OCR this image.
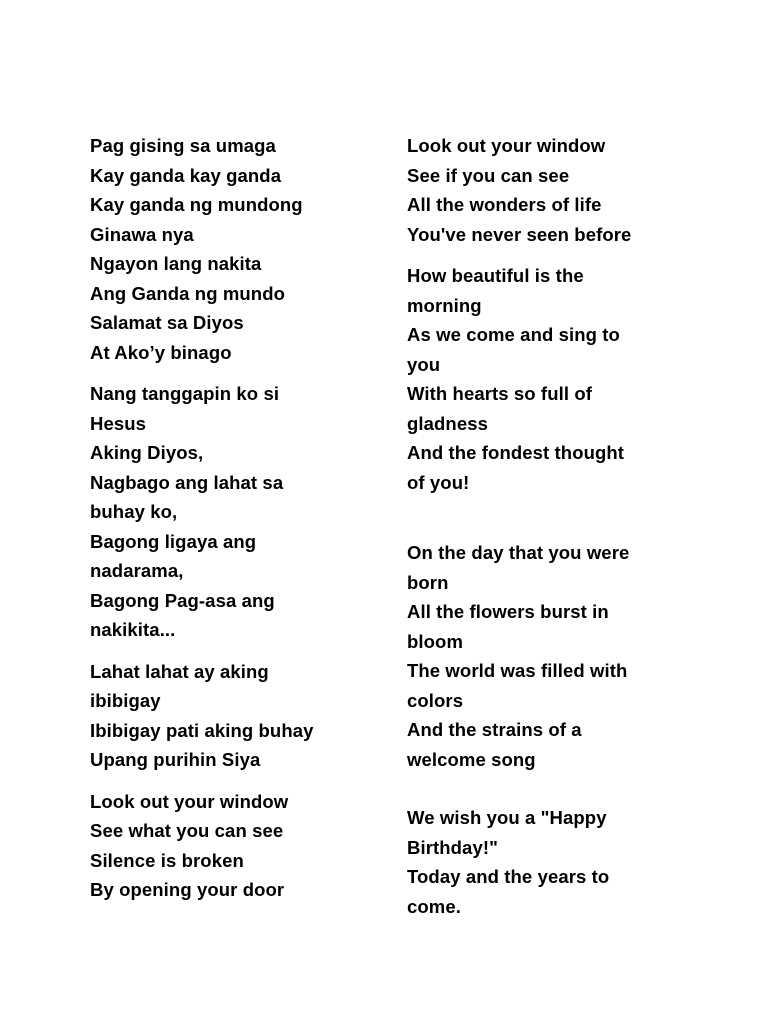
Pag gising sa umaga
Kay ganda kay ganda
Kay ganda ng mundong
Ginawa nya
Ngayon lang nakita
Ang Ganda ng mundo
Salamat sa Diyos
At Ako’y binago
Nang tanggapin ko si
Hesus
Aking Diyos,
Nagbago ang lahat sa
buhay ko,
Bagong ligaya ang
nadarama,
Bagong Pag-asa ang
nakikita...
Lahat lahat ay aking
ibibigay
Ibibigay pati aking buhay
Upang purihin Siya
Look out your window
See what you can see
Silence is broken
By opening your door
Look out your window
See if you can see
All the wonders of life
You've never seen before
How beautiful is the
morning
As we come and sing to
you
With hearts so full of
gladness
And the fondest thought
of you!
On the day that you were
born
All the flowers burst in
bloom
The world was filled with
colors
And the strains of a
welcome song
We wish you a "Happy
Birthday!"
Today and the years to
come.
